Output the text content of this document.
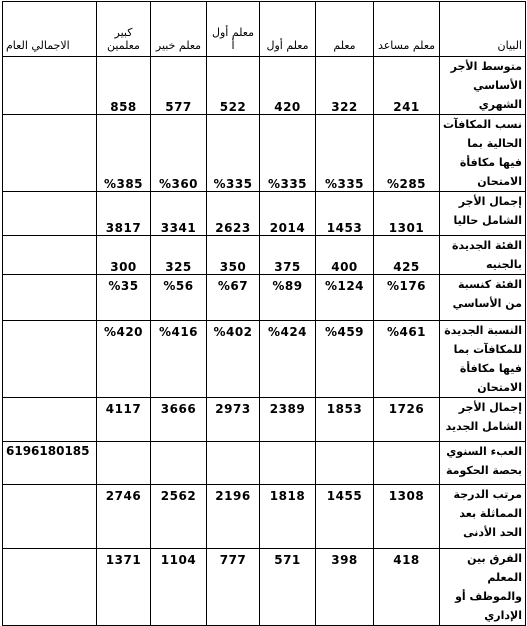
البيان	معلم مساعد	معلم	معلم أول	معلم أول أ	معلم خبير	كبير معلمين	الاجمالي العام
متوسط الأجر الأساسي الشهري	241	322	420	522	577	858	
نسب المكافآت الحالية بما فيها مكافأة الامتحان	%285	%335	%335	%335	%360	%385	
إجمال الأجر الشامل حاليا	1301	1453	2014	2623	3341	3817	
الفئة الجديدة بالجنيه	425	400	375	350	325	300	
الفئة كنسبة من الأساسي	%176	%124	%89	%67	%56	%35	
النسبة الجديدة للمكافآت بما فيها مكافأة الامتحان	%461	%459	%424	%402	%416	%420	
إجمال الأجر الشامل الجديد	1726	1853	2389	2973	3666	4117	
العبء السنوي بحصة الحكومة							6196180185
مرتب الدرجة المماثلة بعد الحد الأدنى	1308	1455	1818	2196	2562	2746	
الفرق بين المعلم والموظف أو الإداري	418	398	571	777	1104	1371	
